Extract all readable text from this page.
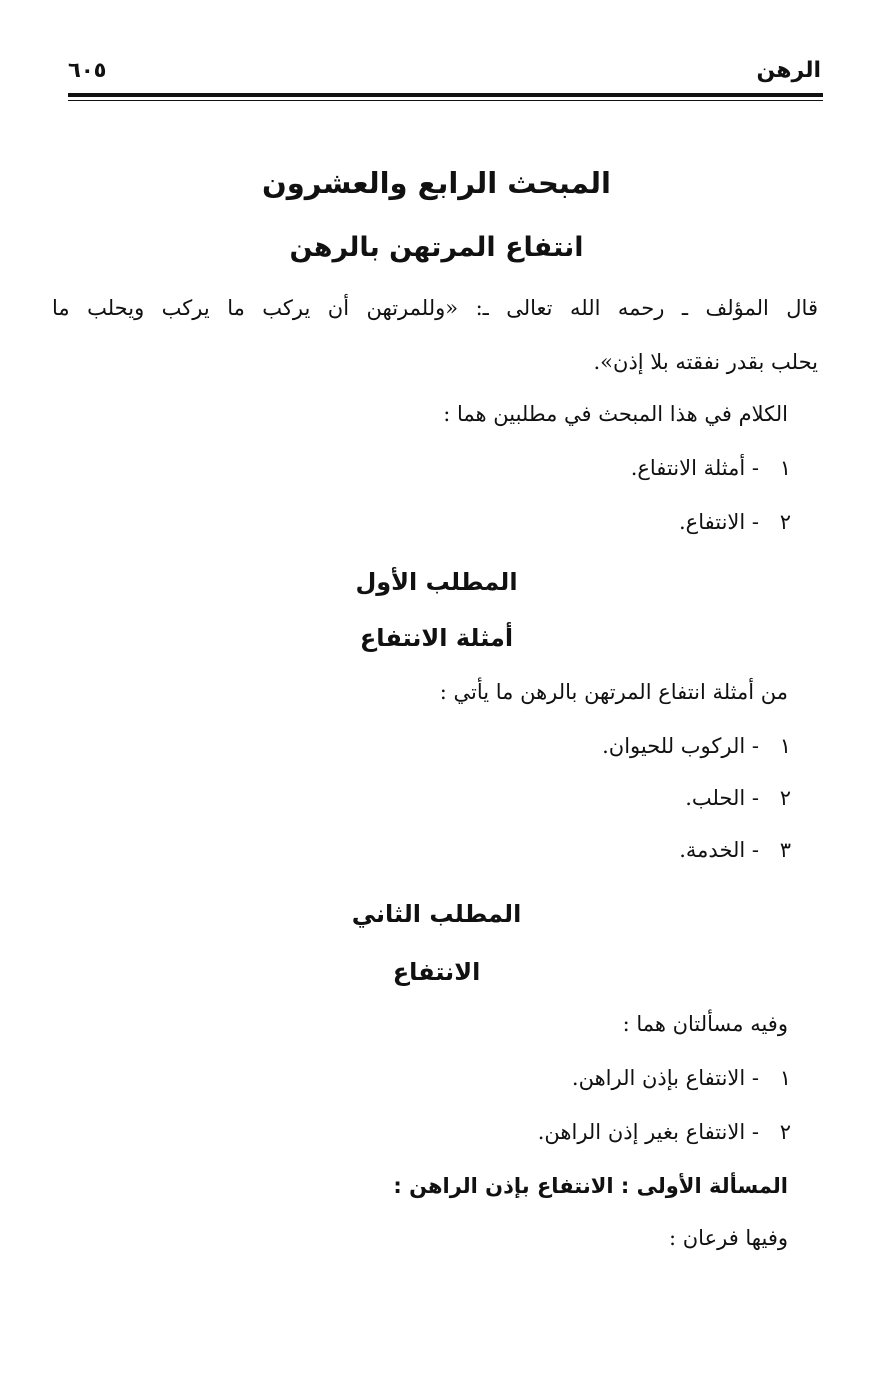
الرهن
٦٠٥
المبحث الرابع والعشرون
انتفاع المرتهن بالرهن
قال المؤلف ـ رحمه الله تعالى ـ: «وللمرتهن أن يركب ما يركب ويحلب ما
يحلب بقدر نفقته بلا إذن».
الكلام في هذا المبحث في مطلبين هما :
١- أمثلة الانتفاع.
٢- الانتفاع.
المطلب الأول
أمثلة الانتفاع
من أمثلة انتفاع المرتهن بالرهن ما يأتي :
١- الركوب للحيوان.
٢- الحلب.
٣- الخدمة.
المطلب الثاني
الانتفاع
وفيه مسألتان هما :
١- الانتفاع بإذن الراهن.
٢- الانتفاع بغير إذن الراهن.
المسألة الأولى : الانتفاع بإذن الراهن :
وفيها فرعان :
